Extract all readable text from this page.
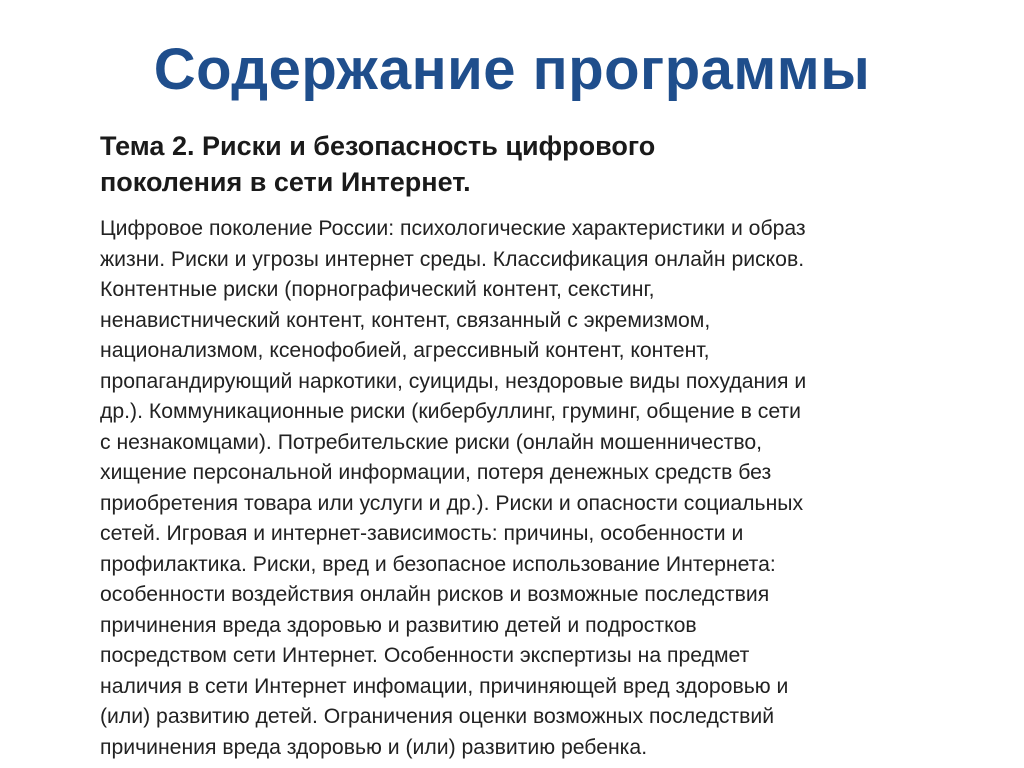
Содержание программы
Тема 2. Риски и безопасность цифрового
поколения в сети Интернет.
Цифровое поколение России: психологические характеристики и образ
жизни. Риски и угрозы интернет среды. Классификация онлайн рисков.
Контентные риски (порнографический контент, секстинг,
ненавистнический контент, контент, связанный с экремизмом,
национализмом, ксенофобией, агрессивный контент, контент,
пропагандирующий наркотики, суициды, нездоровые виды похудания и
др.). Коммуникационные риски (кибербуллинг, груминг, общение в сети
с незнакомцами). Потребительские риски (онлайн мошенничество,
хищение персональной информации, потеря денежных средств без
приобретения товара или услуги и др.). Риски и опасности социальных
сетей. Игровая и интернет-зависимость: причины, особенности и
профилактика. Риски, вред и безопасное использование Интернета:
особенности воздействия онлайн рисков и возможные последствия
причинения вреда здоровью и развитию детей и подростков
посредством сети Интернет. Особенности экспертизы на предмет
наличия в сети Интернет инфомации, причиняющей вред здоровью и
(или) развитию детей. Ограничения оценки возможных последствий
причинения вреда здоровью и (или) развитию ребенка.
